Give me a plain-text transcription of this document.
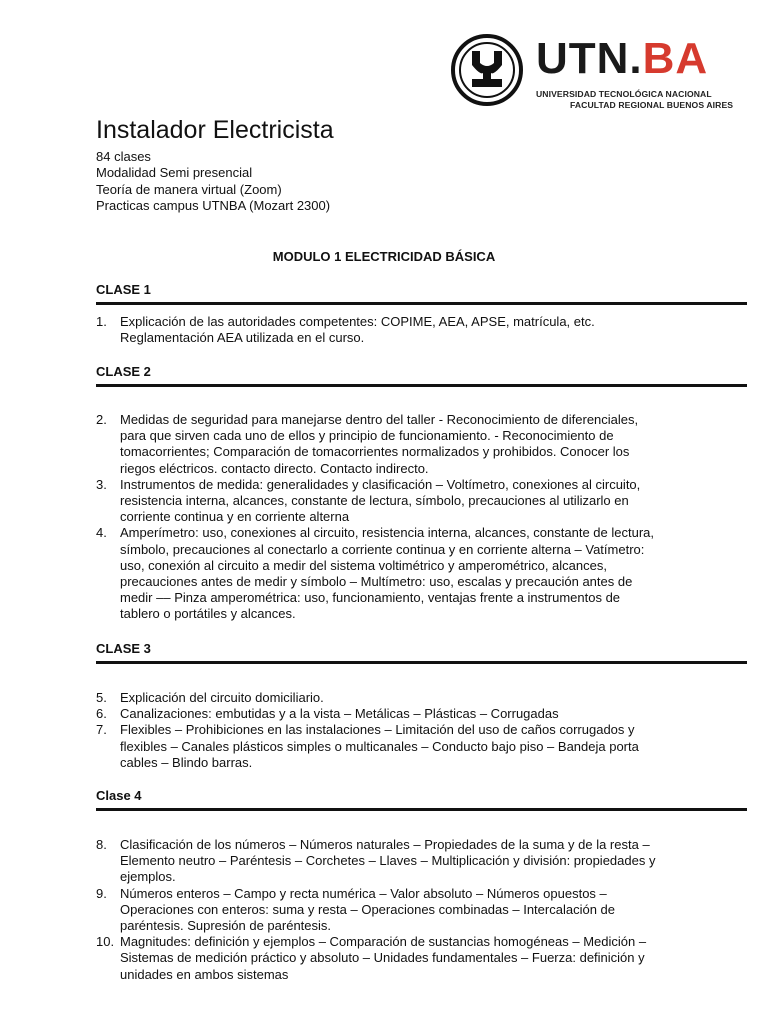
UTN.BA
UNIVERSIDAD TECNOLÓGICA NACIONAL
FACULTAD REGIONAL BUENOS AIRES
Instalador Electricista
84 clases
Modalidad Semi presencial
Teoría de manera virtual (Zoom)
Practicas campus UTNBA (Mozart 2300)
MODULO 1 ELECTRICIDAD BÁSICA
CLASE 1
1.	Explicación de las autoridades competentes: COPIME, AEA, APSE, matrícula, etc. Reglamentación AEA utilizada en el curso.
CLASE 2
2.	Medidas de seguridad para manejarse dentro del taller - Reconocimiento de diferenciales, para que sirven cada uno de ellos y principio de funcionamiento. - Reconocimiento de tomacorrientes; Comparación de tomacorrientes normalizados y prohibidos. Conocer los riegos eléctricos. contacto directo. Contacto indirecto.
3.	Instrumentos de medida: generalidades y clasificación – Voltímetro, conexiones al circuito, resistencia interna, alcances, constante de lectura, símbolo, precauciones al utilizarlo en corriente continua y en corriente alterna
4.	Amperímetro: uso, conexiones al circuito, resistencia interna, alcances, constante de lectura, símbolo, precauciones al conectarlo a corriente continua y en corriente alterna – Vatímetro: uso, conexión al circuito a medir del sistema voltimétrico y amperométrico, alcances, precauciones antes de medir y símbolo – Multímetro: uso, escalas y precaución antes de medir –– Pinza amperométrica: uso, funcionamiento, ventajas frente a instrumentos de tablero o portátiles y alcances.
CLASE 3
5.	Explicación del circuito domiciliario.
6.	Canalizaciones: embutidas y a la vista – Metálicas – Plásticas – Corrugadas
7.	Flexibles – Prohibiciones en las instalaciones – Limitación del uso de caños corrugados y flexibles – Canales plásticos simples o multicanales – Conducto bajo piso – Bandeja porta cables – Blindo barras.
Clase 4
8.	Clasificación de los números – Números naturales – Propiedades de la suma y de la resta – Elemento neutro – Paréntesis – Corchetes – Llaves – Multiplicación y división: propiedades y ejemplos.
9.	Números enteros – Campo y recta numérica – Valor absoluto – Números opuestos – Operaciones con enteros: suma y resta – Operaciones combinadas – Intercalación de paréntesis. Supresión de paréntesis.
10. Magnitudes: definición y ejemplos – Comparación de sustancias homogéneas – Medición – Sistemas de medición práctico y absoluto – Unidades fundamentales – Fuerza: definición y unidades en ambos sistemas
